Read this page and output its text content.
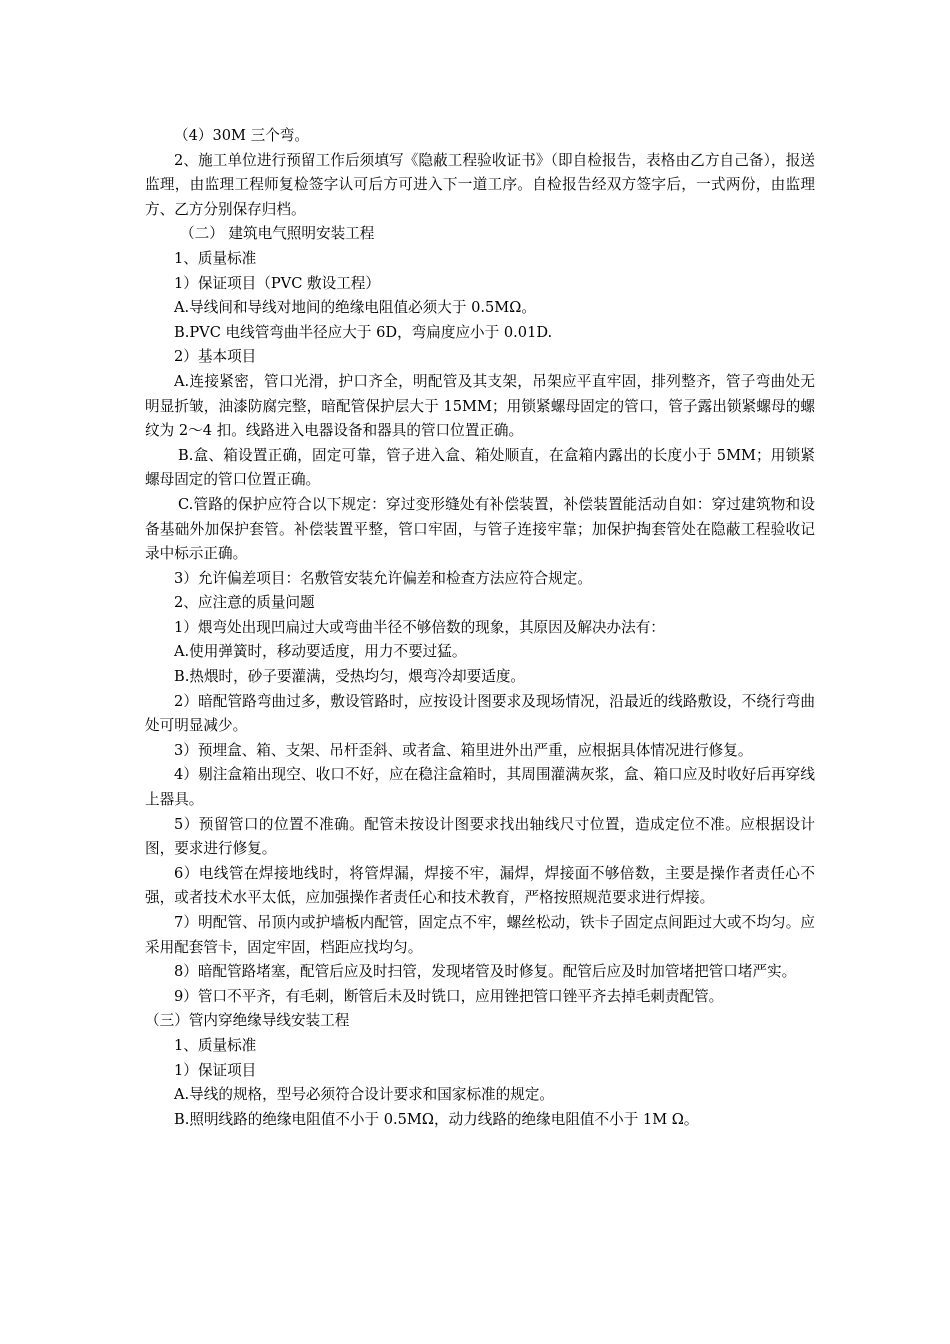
（4）30M 三个弯。

2、施工单位进行预留工作后须填写《隐蔽工程验收证书》（即自检报告，表格由乙方自己备），报送监理，由监理工程师复检签字认可后方可进入下一道工序。自检报告经双方签字后，一式两份，由监理方、乙方分别保存归档。

（二） 建筑电气照明安装工程

1、质量标准

1）保证项目（PVC 敷设工程）

A.导线间和导线对地间的绝缘电阻值必须大于 0.5MΩ。

B.PVC 电线管弯曲半径应大于 6D，弯扁度应小于 0.01D.

2）基本项目

A.连接紧密，管口光滑，护口齐全，明配管及其支架，吊架应平直牢固，排列整齐，管子弯曲处无明显折皱，油漆防腐完整，暗配管保护层大于 15MM；用锁紧螺母固定的管口，管子露出锁紧螺母的螺纹为 2～4 扣。线路进入电器设备和器具的管口位置正确。

B.盒、箱设置正确，固定可靠，管子进入盒、箱处顺直，在盒箱内露出的长度小于 5MM；用锁紧螺母固定的管口位置正确。

C.管路的保护应符合以下规定：穿过变形缝处有补偿装置，补偿装置能活动自如：穿过建筑物和设备基础外加保护套管。补偿装置平整，管口牢固，与管子连接牢靠；加保护掏套管处在隐蔽工程验收记录中标示正确。

3）允许偏差项目：名敷管安装允许偏差和检查方法应符合规定。

2、应注意的质量问题

1）煨弯处出现凹扁过大或弯曲半径不够倍数的现象，其原因及解决办法有：

A.使用弹簧时，移动要适度，用力不要过猛。

B.热煨时，砂子要灌满，受热均匀，煨弯冷却要适度。

2）暗配管路弯曲过多，敷设管路时，应按设计图要求及现场情况，沿最近的线路敷设，不绕行弯曲处可明显减少。

3）预埋盒、箱、支架、吊杆歪斜、或者盒、箱里进外出严重，应根据具体情况进行修复。

4）剔注盒箱出现空、收口不好，应在稳注盒箱时，其周围灌满灰浆，盒、箱口应及时收好后再穿线上器具。

5）预留管口的位置不准确。配管未按设计图要求找出轴线尺寸位置，造成定位不准。应根据设计图，要求进行修复。

6）电线管在焊接地线时，将管焊漏，焊接不牢，漏焊，焊接面不够倍数，主要是操作者责任心不强，或者技术水平太低，应加强操作者责任心和技术教育，严格按照规范要求进行焊接。

7）明配管、吊顶内或护墙板内配管，固定点不牢，螺丝松动，铁卡子固定点间距过大或不均匀。应采用配套管卡，固定牢固，档距应找均匀。

8）暗配管路堵塞，配管后应及时扫管，发现堵管及时修复。配管后应及时加管堵把管口堵严实。

9）管口不平齐，有毛刺，断管后未及时铣口，应用锉把管口锉平齐去掉毛刺责配管。

（三）管内穿绝缘导线安装工程

1、质量标准

1）保证项目

A.导线的规格，型号必须符合设计要求和国家标准的规定。

B.照明线路的绝缘电阻值不小于 0.5MΩ，动力线路的绝缘电阻值不小于 1M Ω。
